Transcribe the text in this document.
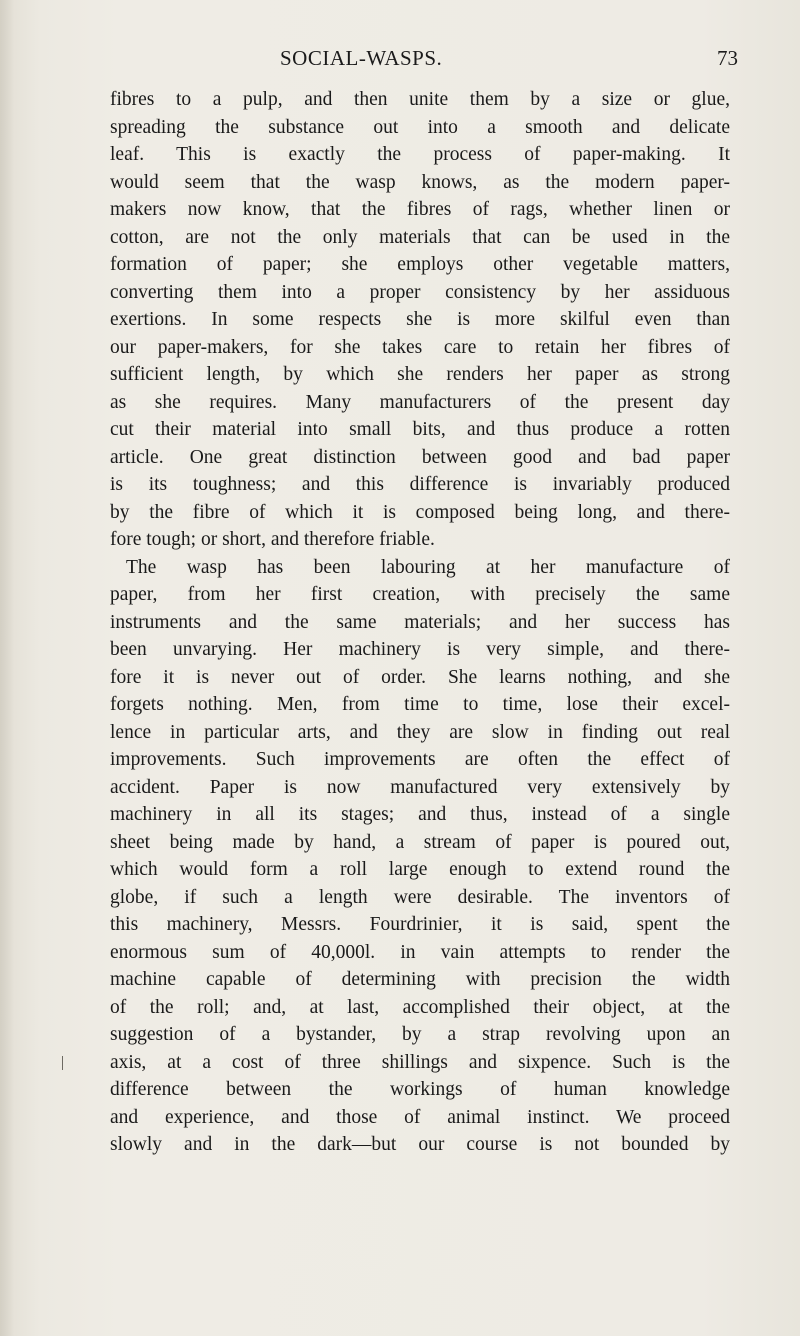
SOCIAL-WASPS.	73
fibres to a pulp, and then unite them by a size or glue,
spreading the substance out into a smooth and delicate
leaf. This is exactly the process of paper-making. It
would seem that the wasp knows, as the modern paper-
makers now know, that the fibres of rags, whether linen or
cotton, are not the only materials that can be used in the
formation of paper; she employs other vegetable matters,
converting them into a proper consistency by her assiduous
exertions. In some respects she is more skilful even than
our paper-makers, for she takes care to retain her fibres of
sufficient length, by which she renders her paper as strong
as she requires. Many manufacturers of the present day
cut their material into small bits, and thus produce a rotten
article. One great distinction between good and bad paper
is its toughness; and this difference is invariably produced
by the fibre of which it is composed being long, and there-
fore tough; or short, and therefore friable.
The wasp has been labouring at her manufacture of
paper, from her first creation, with precisely the same
instruments and the same materials; and her success has
been unvarying. Her machinery is very simple, and there-
fore it is never out of order. She learns nothing, and she
forgets nothing. Men, from time to time, lose their excel-
lence in particular arts, and they are slow in finding out real
improvements. Such improvements are often the effect of
accident. Paper is now manufactured very extensively by
machinery in all its stages; and thus, instead of a single
sheet being made by hand, a stream of paper is poured out,
which would form a roll large enough to extend round the
globe, if such a length were desirable. The inventors of
this machinery, Messrs. Fourdrinier, it is said, spent the
enormous sum of 40,000l. in vain attempts to render the
machine capable of determining with precision the width
of the roll; and, at last, accomplished their object, at the
suggestion of a bystander, by a strap revolving upon an
axis, at a cost of three shillings and sixpence. Such is the
difference between the workings of human knowledge
and experience, and those of animal instinct. We proceed
slowly and in the dark—but our course is not bounded by
